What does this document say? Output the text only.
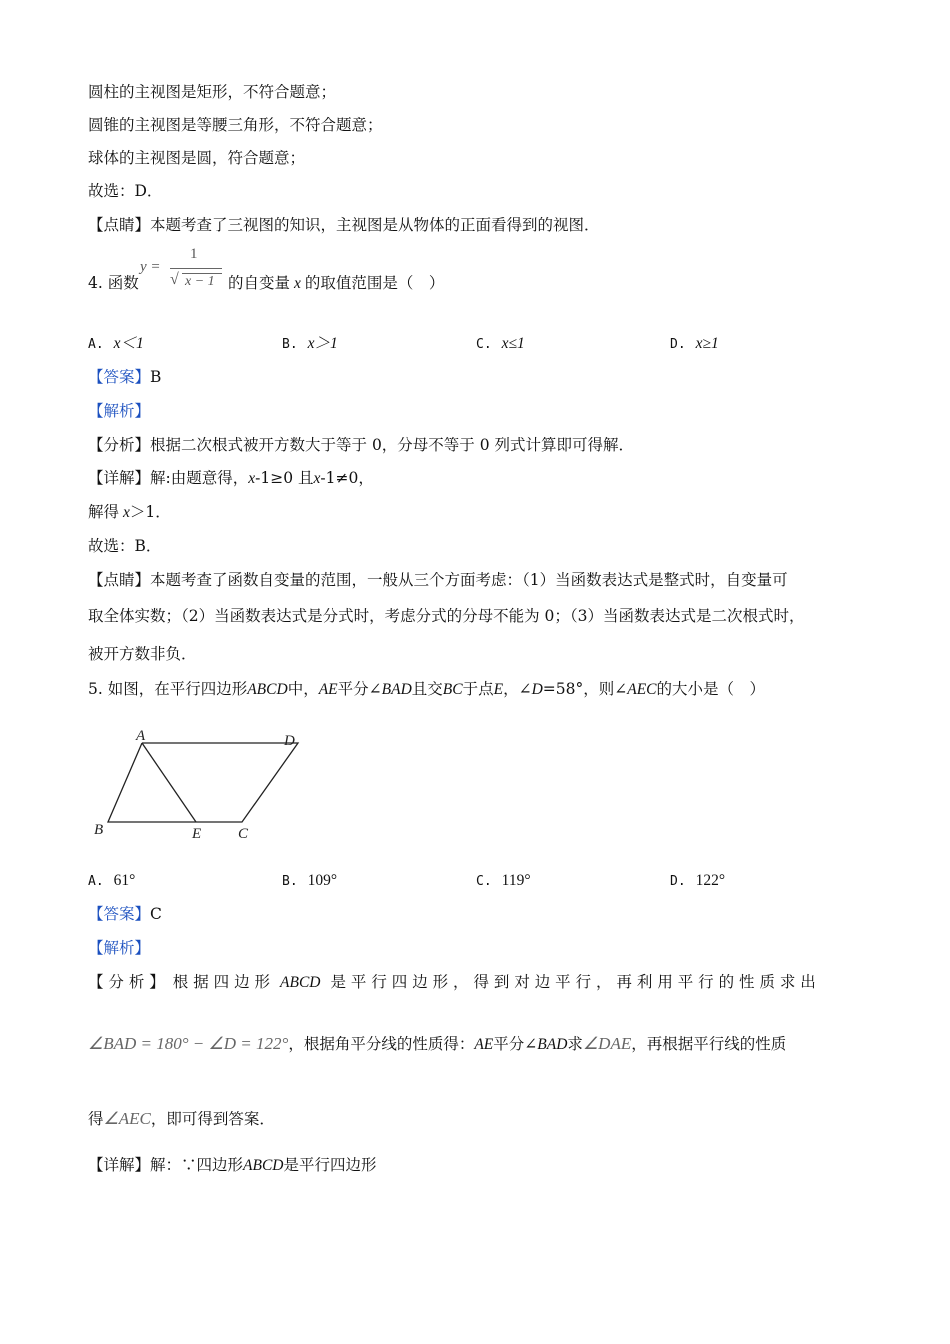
圆柱的主视图是矩形，不符合题意；
圆锥的主视图是等腰三角形，不符合题意；
球体的主视图是圆，符合题意；
故选：D．
【点睛】本题考查了三视图的知识，主视图是从物体的正面看得到的视图．
4. 函数
y =
1
√ x − 1 的自变量 x 的取值范围是（　）
A. x＜1	B. x＞1	C. x≤1	D. x≥1
【答案】B
【解析】
【分析】根据二次根式被开方数大于等于 0，分母不等于 0 列式计算即可得解．
【详解】解:由题意得，x-1≥0 且x-1≠0，
解得 x＞1．
故选：B．
【点睛】本题考查了函数自变量的范围，一般从三个方面考虑：（1）当函数表达式是整式时，自变量可
取全体实数；（2）当函数表达式是分式时，考虑分式的分母不能为 0；（3）当函数表达式是二次根式时，
被开方数非负．
5. 如图，在平行四边形ABCD中，AE平分∠BAD且交BC于点E，∠D=58°，则∠AEC的大小是（　）
A	D
B	E C
A. 61°	B. 109°	C. 119°	D. 122°
【答案】C
【解析】
【 分 析 】 根 据 四 边 形 ABCD 是 平 行 四 边 形 ， 得 到 对 边 平 行 ， 再 利 用 平 行 的 性 质 求 出
∠BAD = 180° − ∠D = 122°，根据角平分线的性质得：AE平分∠BAD求∠DAE，再根据平行线的性质
得∠AEC，即可得到答案．
【详解】解：∵四边形ABCD是平行四边形
